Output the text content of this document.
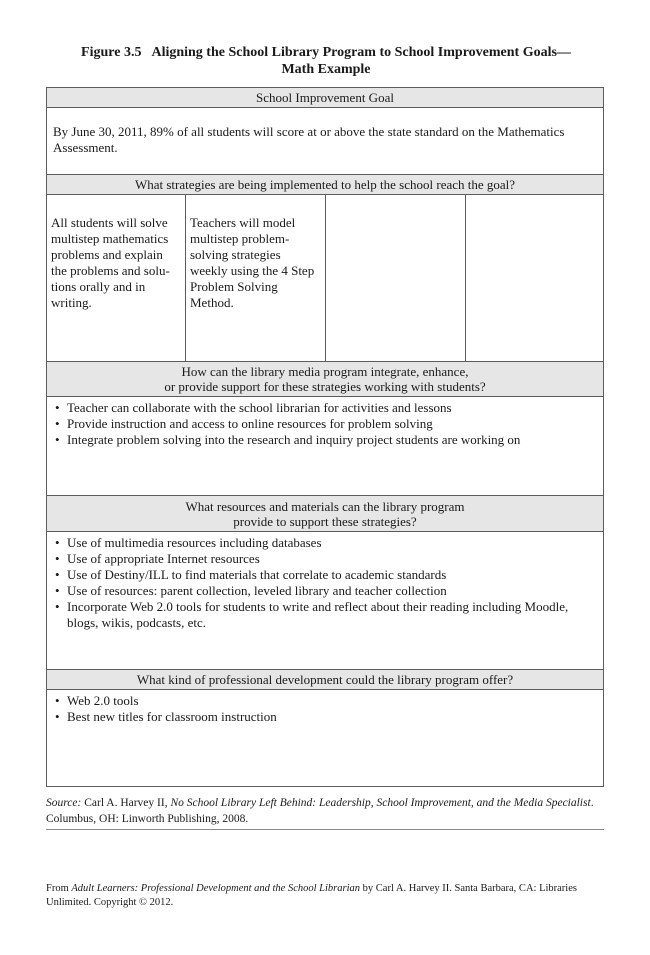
Figure 3.5 Aligning the School Library Program to School Improvement Goals—
Math Example
School Improvement Goal
By June 30, 2011, 89% of all students will score at or above the state standard on the Mathematics Assessment.
What strategies are being implemented to help the school reach the goal?
All students will solve multistep mathematics problems and explain the problems and solutions orally and in writing.
Teachers will model multistep problem-solving strategies weekly using the 4 Step Problem Solving Method.
How can the library media program integrate, enhance,
or provide support for these strategies working with students?
• Teacher can collaborate with the school librarian for activities and lessons
• Provide instruction and access to online resources for problem solving
• Integrate problem solving into the research and inquiry project students are working on
What resources and materials can the library program
provide to support these strategies?
• Use of multimedia resources including databases
• Use of appropriate Internet resources
• Use of Destiny/ILL to find materials that correlate to academic standards
• Use of resources: parent collection, leveled library and teacher collection
• Incorporate Web 2.0 tools for students to write and reflect about their reading including Moodle, blogs, wikis, podcasts, etc.
What kind of professional development could the library program offer?
• Web 2.0 tools
• Best new titles for classroom instruction
Source: Carl A. Harvey II, No School Library Left Behind: Leadership, School Improvement, and the Media Specialist. Columbus, OH: Linworth Publishing, 2008.
From Adult Learners: Professional Development and the School Librarian by Carl A. Harvey II. Santa Barbara, CA: Libraries Unlimited. Copyright © 2012.
